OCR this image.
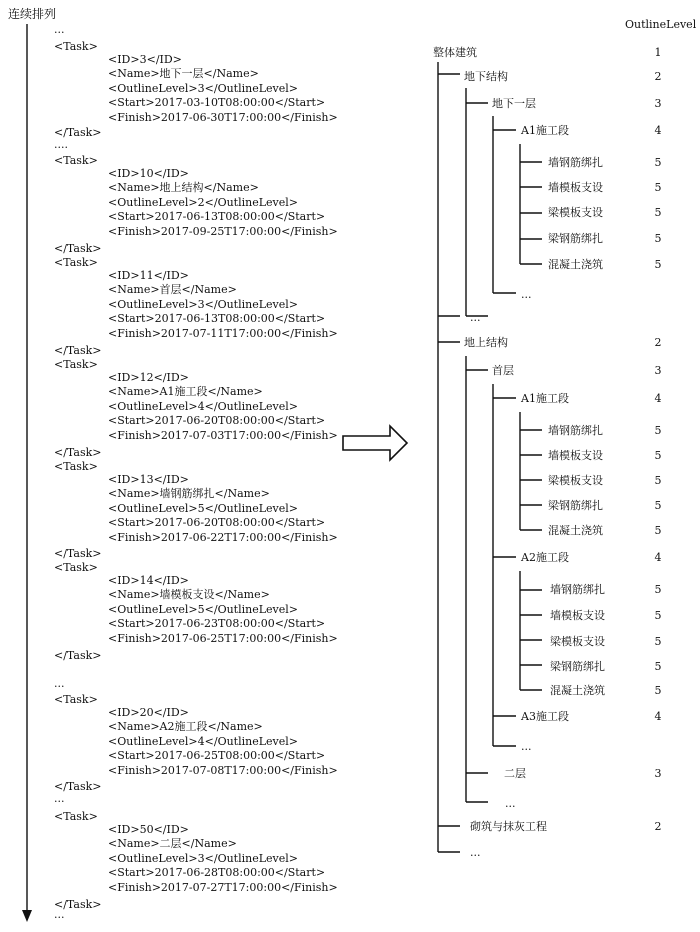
连续排列
...
<Task>
<ID>3</ID>
<Name>地下一层</Name>
<OutlineLevel>3</OutlineLevel>
<Start>2017-03-10T08:00:00</Start>
<Finish>2017-06-30T17:00:00</Finish>
</Task>
....
<Task>
<ID>10</ID>
<Name>地上结构</Name>
<OutlineLevel>2</OutlineLevel>
<Start>2017-06-13T08:00:00</Start>
<Finish>2017-09-25T17:00:00</Finish>
</Task>
<Task>
<ID>11</ID>
<Name>首层</Name>
<OutlineLevel>3</OutlineLevel>
<Start>2017-06-13T08:00:00</Start>
<Finish>2017-07-11T17:00:00</Finish>
</Task>
<Task>
<ID>12</ID>
<Name>A1施工段</Name>
<OutlineLevel>4</OutlineLevel>
<Start>2017-06-20T08:00:00</Start>
<Finish>2017-07-03T17:00:00</Finish>
</Task>
<Task>
<ID>13</ID>
<Name>墙钢筋绑扎</Name>
<OutlineLevel>5</OutlineLevel>
<Start>2017-06-20T08:00:00</Start>
<Finish>2017-06-22T17:00:00</Finish>
</Task>
<Task>
<ID>14</ID>
<Name>墙模板支设</Name>
<OutlineLevel>5</OutlineLevel>
<Start>2017-06-23T08:00:00</Start>
<Finish>2017-06-25T17:00:00</Finish>
</Task>
...
<Task>
<ID>20</ID>
<Name>A2施工段</Name>
<OutlineLevel>4</OutlineLevel>
<Start>2017-06-25T08:00:00</Start>
<Finish>2017-07-08T17:00:00</Finish>
</Task>
...
<Task>
<ID>50</ID>
<Name>二层</Name>
<OutlineLevel>3</OutlineLevel>
<Start>2017-06-28T08:00:00</Start>
<Finish>2017-07-27T17:00:00</Finish>
</Task>
...
OutlineLevel
整体建筑	1
地下结构	2
地下一层	3
A1施工段	4
墙钢筋绑扎	5
墙模板支设	5
梁模板支设	5
梁钢筋绑扎	5
混凝土浇筑	5
...
...
地上结构	2
首层	3
A1施工段	4
墙钢筋绑扎	5
墙模板支设	5
梁模板支设	5
梁钢筋绑扎	5
混凝土浇筑	5
A2施工段	4
墙钢筋绑扎	5
墙模板支设	5
梁模板支设	5
梁钢筋绑扎	5
混凝土浇筑	5
A3施工段	4
...
二层	3
...
砌筑与抹灰工程	2
...
